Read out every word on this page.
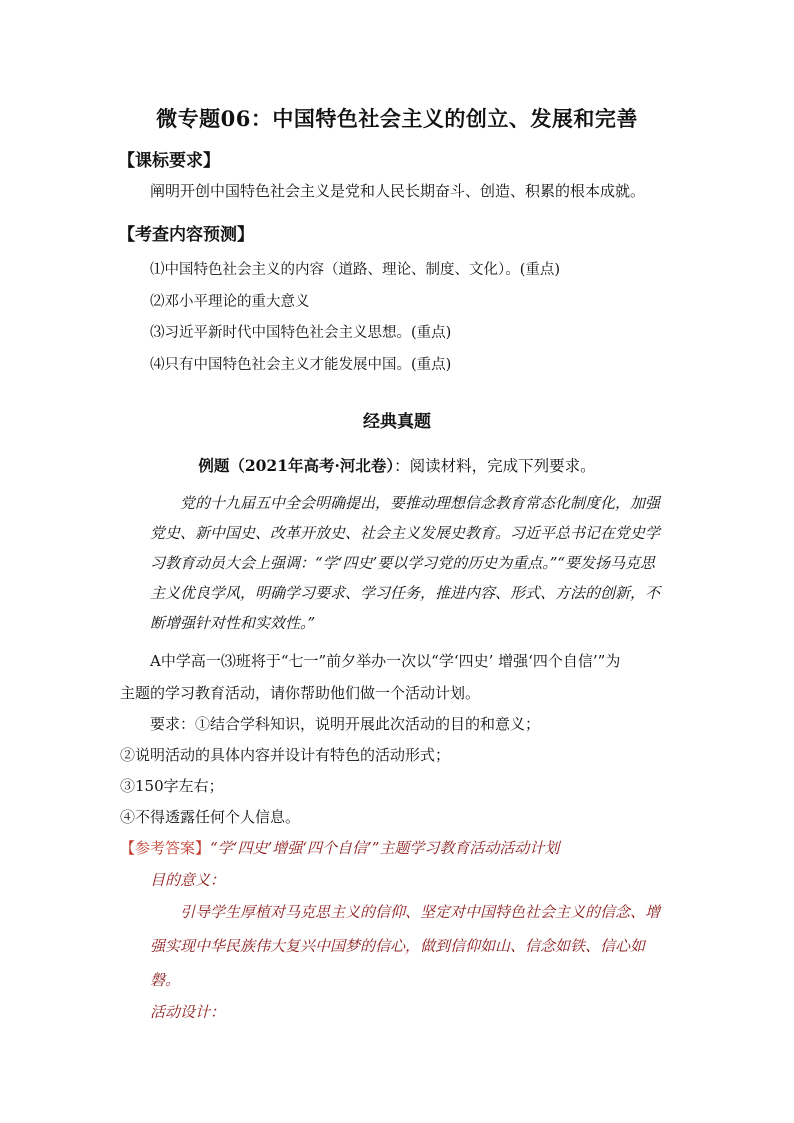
微专题06：中国特色社会主义的创立、发展和完善
【课标要求】
阐明开创中国特色社会主义是党和人民长期奋斗、创造、积累的根本成就。
【考查内容预测】
⑴中国特色社会主义的内容（道路、理论、制度、文化）。(重点)
⑵邓小平理论的重大意义
⑶习近平新时代中国特色社会主义思想。(重点)
⑷只有中国特色社会主义才能发展中国。(重点)
经典真题
例题（2021年高考·河北卷）：阅读材料，完成下列要求。
党的十九届五中全会明确提出，要推动理想信念教育常态化制度化，加强党史、新中国史、改革开放史、社会主义发展史教育。习近平总书记在党史学习教育动员大会上强调：“学‘四史’要以学习党的历史为重点。”“要发扬马克思主义优良学风，明确学习要求、学习任务，推进内容、形式、方法的创新，不断增强针对性和实效性。”
A中学高一⑶班将于“七一”前夕举办一次以“学‘四史’ 增强‘四个自信’”为
主题的学习教育活动，请你帮助他们做一个活动计划。
要求：①结合学科知识，说明开展此次活动的目的和意义；
②说明活动的具体内容并设计有特色的活动形式；
③150字左右；
④不得透露任何个人信息。
【参考答案】“学‘四史’增强‘四个自信’”主题学习教育活动活动计划
目的意义：
引导学生厚植对马克思主义的信仰、坚定对中国特色社会主义的信念、增强实现中华民族伟大复兴中国梦的信心，做到信仰如山、信念如铁、信心如磐。
活动设计：
